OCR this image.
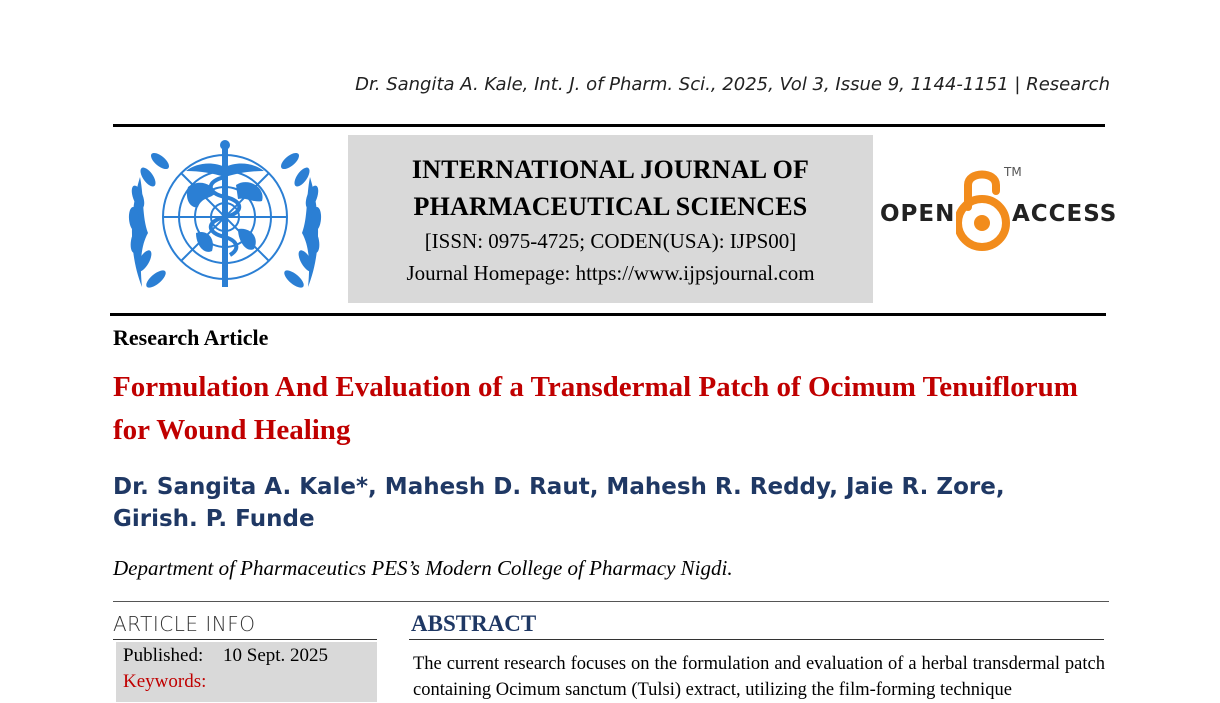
Dr. Sangita A. Kale, Int. J. of Pharm. Sci., 2025, Vol 3, Issue 9, 1144-1151 | Research
INTERNATIONAL JOURNAL OF
PHARMACEUTICAL SCIENCES
[ISSN: 0975-4725; CODEN(USA): IJPS00]
Journal Homepage: https://www.ijpsjournal.com
OPEN
TM
ACCESS
Research Article
Formulation And Evaluation of a Transdermal Patch of Ocimum Tenuiflorum for Wound Healing
Dr. Sangita A. Kale*, Mahesh D. Raut, Mahesh R. Reddy, Jaie R. Zore, Girish. P. Funde
Department of Pharmaceutics PES’s Modern College of Pharmacy Nigdi.
ARTICLE INFO
Published: 10 Sept. 2025
Keywords:
ABSTRACT
The current research focuses on the formulation and evaluation of a herbal transdermal patch containing Ocimum sanctum (Tulsi) extract, utilizing the film-forming technique
